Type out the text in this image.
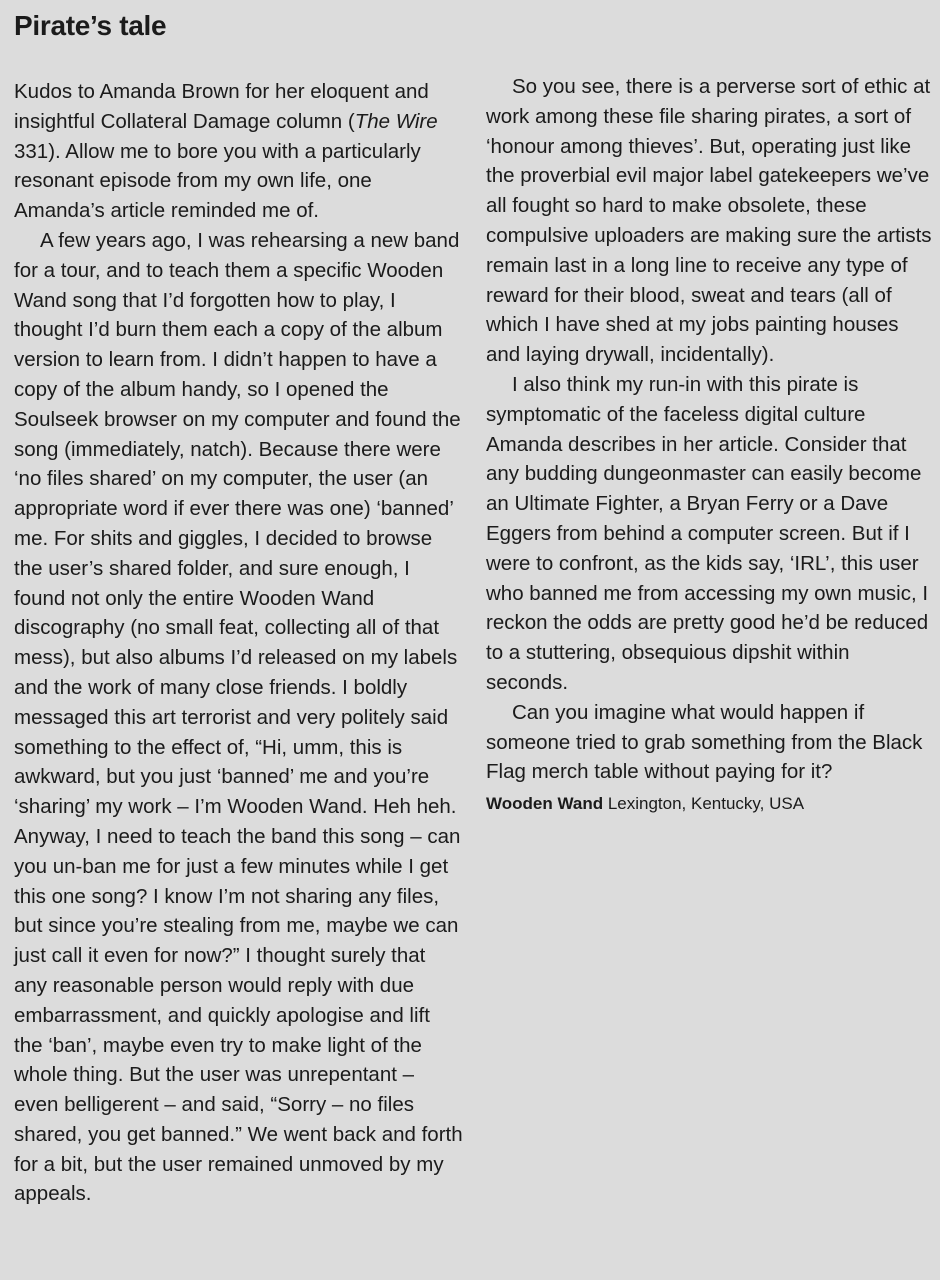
Pirate’s tale

Kudos to Amanda Brown for her eloquent and insightful Collateral Damage column (The Wire 331). Allow me to bore you with a particularly resonant episode from my own life, one Amanda’s article reminded me of.

A few years ago, I was rehearsing a new band for a tour, and to teach them a specific Wooden Wand song that I’d forgotten how to play, I thought I’d burn them each a copy of the album version to learn from. I didn’t happen to have a copy of the album handy, so I opened the Soulseek browser on my computer and found the song (immediately, natch). Because there were ‘no files shared’ on my computer, the user (an appropriate word if ever there was one) ‘banned’ me. For shits and giggles, I decided to browse the user’s shared folder, and sure enough, I found not only the entire Wooden Wand discography (no small feat, collecting all of that mess), but also albums I’d released on my labels and the work of many close friends. I boldly messaged this art terrorist and very politely said something to the effect of, “Hi, umm, this is awkward, but you just ‘banned’ me and you’re ‘sharing’ my work – I’m Wooden Wand. Heh heh. Anyway, I need to teach the band this song – can you un-ban me for just a few minutes while I get this one song? I know I’m not sharing any files, but since you’re stealing from me, maybe we can just call it even for now?” I thought surely that any reasonable person would reply with due embarrassment, and quickly apologise and lift the ‘ban’, maybe even try to make light of the whole thing. But the user was unrepentant – even belligerent – and said, “Sorry – no files shared, you get banned.” We went back and forth for a bit, but the user remained unmoved by my appeals.

So you see, there is a perverse sort of ethic at work among these file sharing pirates, a sort of ‘honour among thieves’. But, operating just like the proverbial evil major label gatekeepers we’ve all fought so hard to make obsolete, these compulsive uploaders are making sure the artists remain last in a long line to receive any type of reward for their blood, sweat and tears (all of which I have shed at my jobs painting houses and laying drywall, incidentally).

I also think my run-in with this pirate is symptomatic of the faceless digital culture Amanda describes in her article. Consider that any budding dungeonmaster can easily become an Ultimate Fighter, a Bryan Ferry or a Dave Eggers from behind a computer screen. But if I were to confront, as the kids say, ‘IRL’, this user who banned me from accessing my own music, I reckon the odds are pretty good he’d be reduced to a stuttering, obsequious dipshit within seconds.

Can you imagine what would happen if someone tried to grab something from the Black Flag merch table without paying for it?

Wooden Wand Lexington, Kentucky, USA
